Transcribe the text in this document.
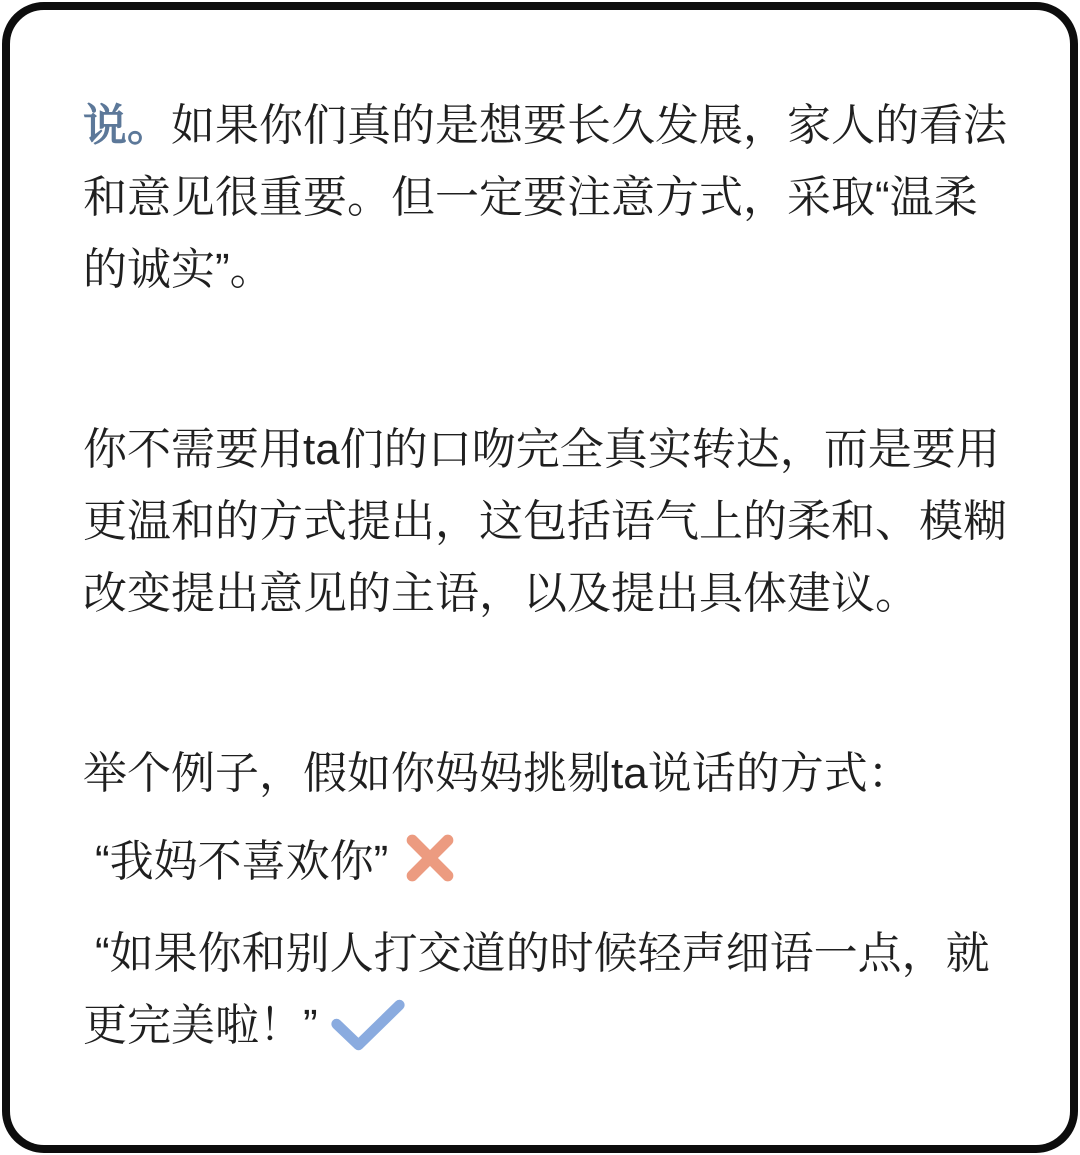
说。如果你们真的是想要长久发展，家人的看法
和意见很重要。但一定要注意方式，采取“温柔
的诚实”。
你不需要用ta们的口吻完全真实转达，而是要用
更温和的方式提出，这包括语气上的柔和、模糊
改变提出意见的主语，以及提出具体建议。
举个例子，假如你妈妈挑剔ta说话的方式：
“我妈不喜欢你”
“如果你和别人打交道的时候轻声细语一点，就
更完美啦！”
